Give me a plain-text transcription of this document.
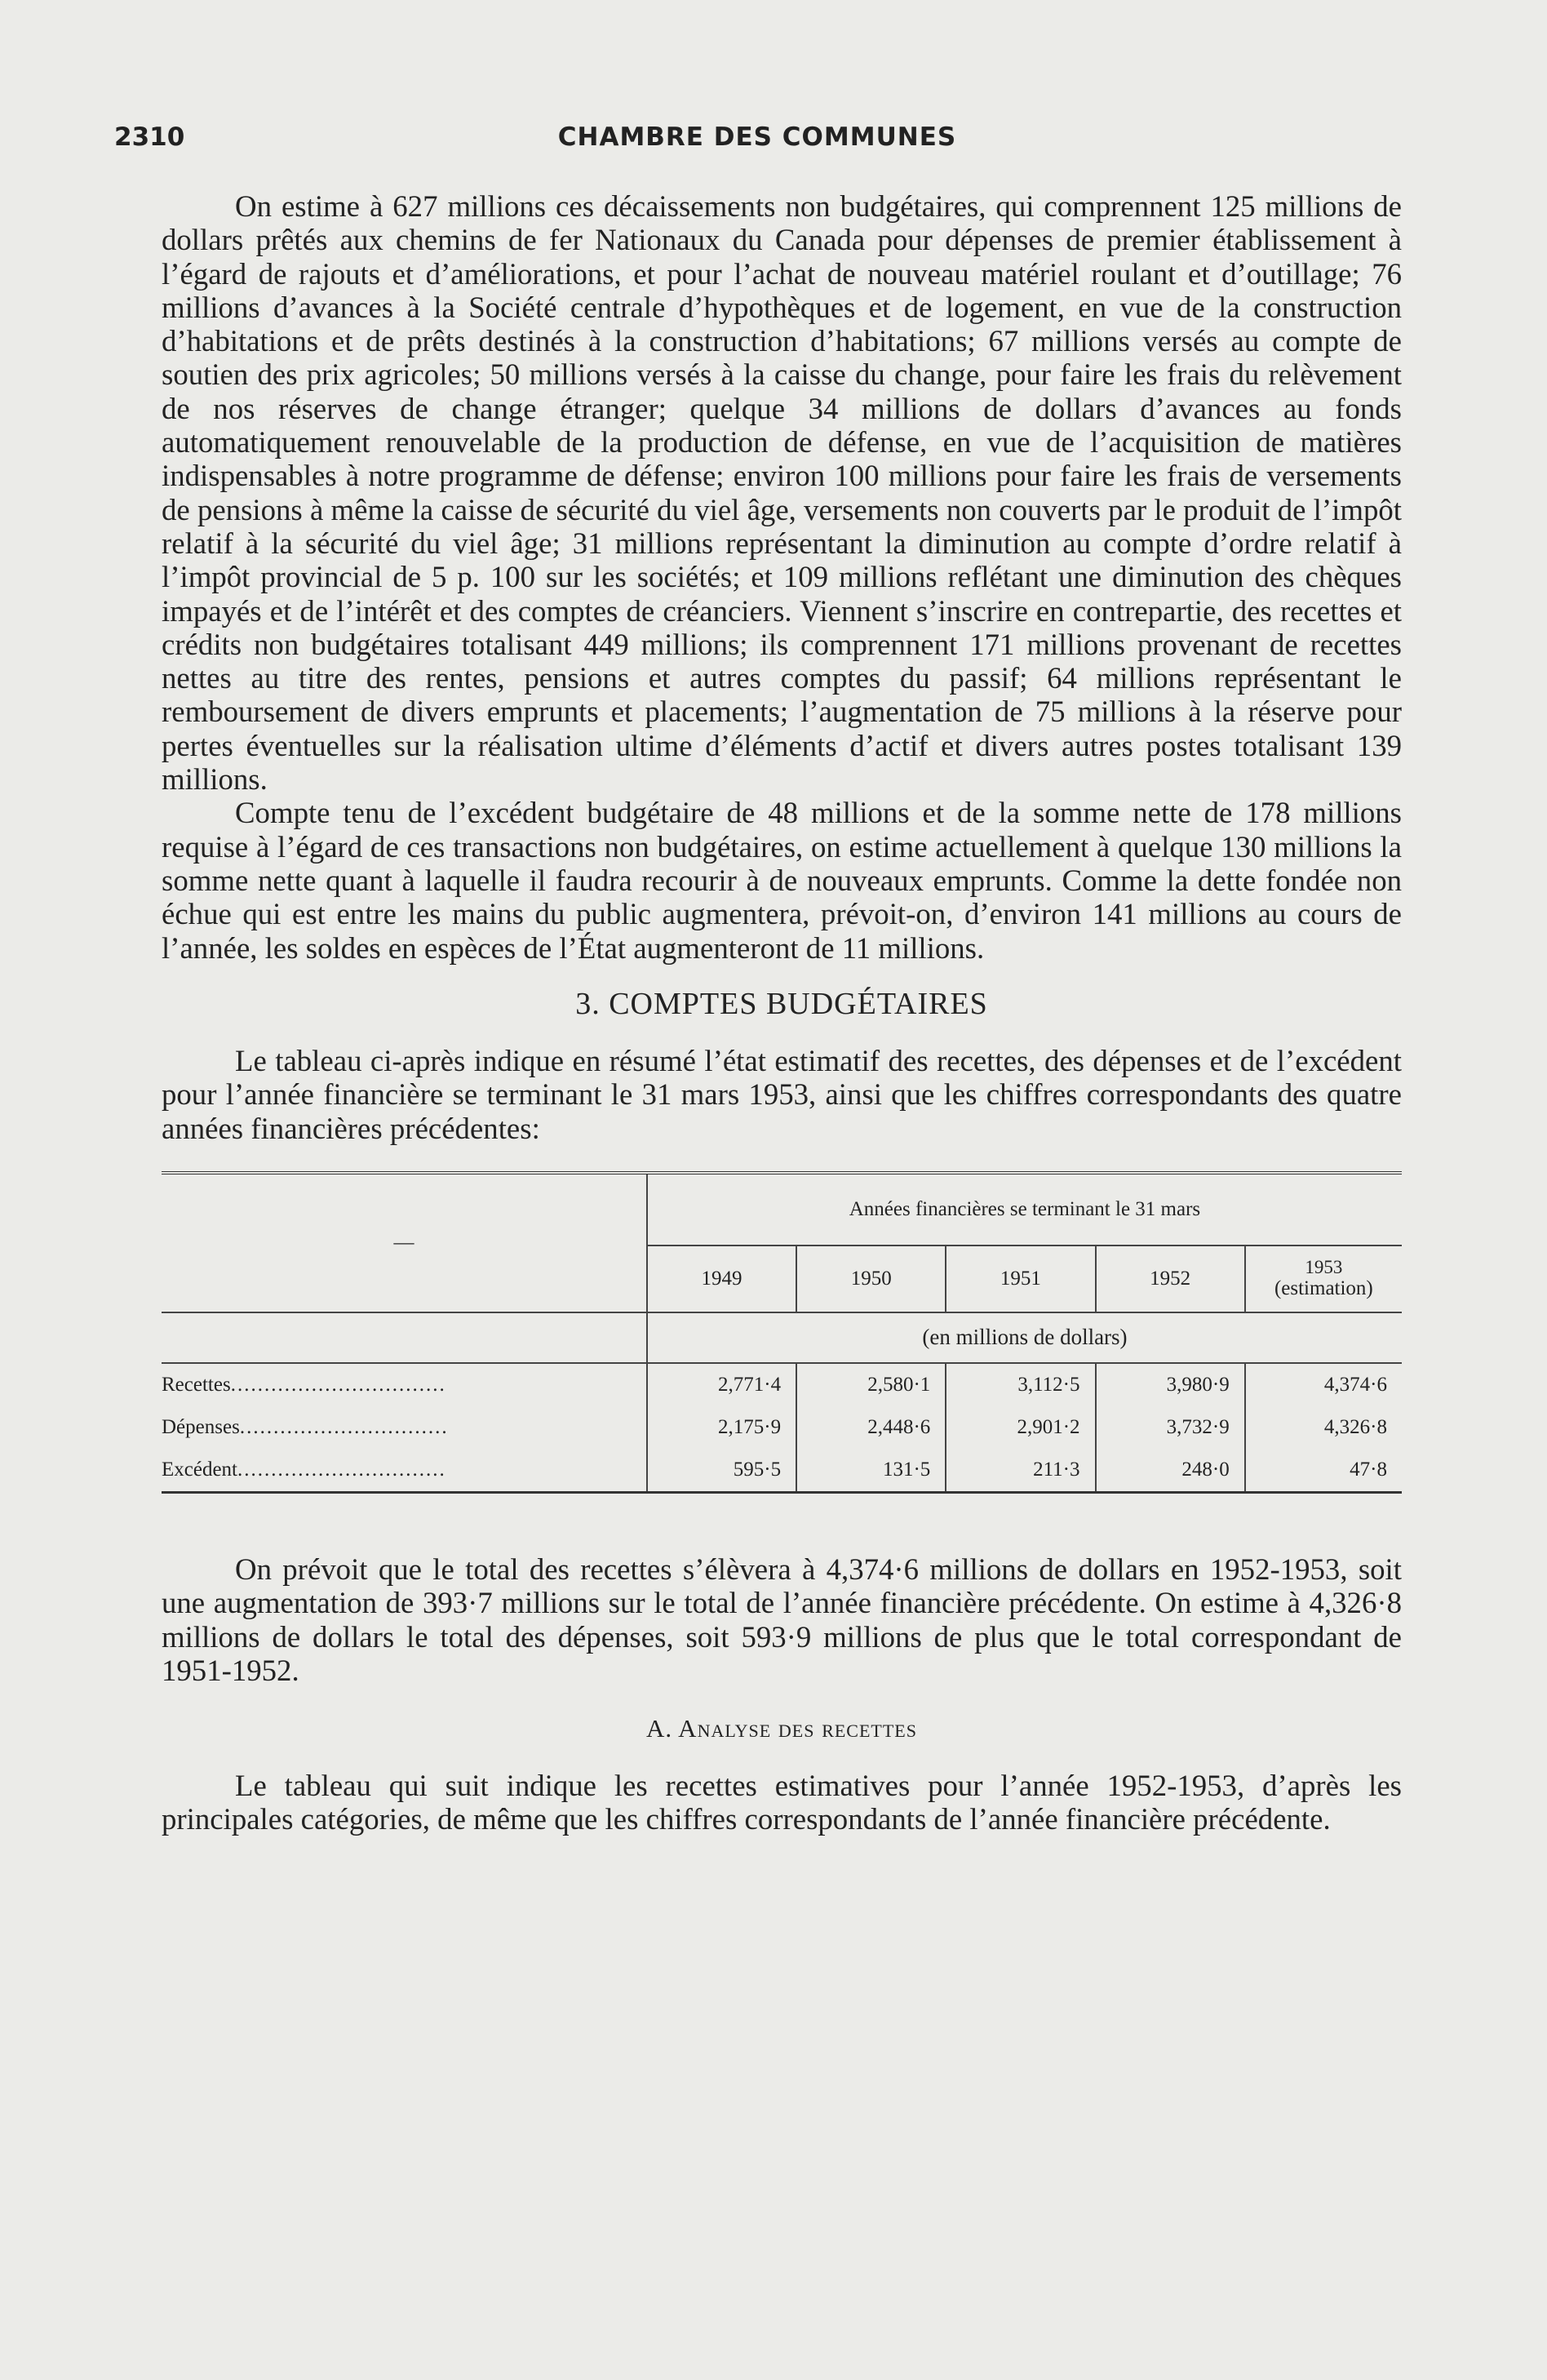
2310	CHAMBRE DES COMMUNES

On estime à 627 millions ces décaissements non budgétaires, qui comprennent 125 millions de dollars prêtés aux chemins de fer Nationaux du Canada pour dépenses de premier établissement à l’égard de rajouts et d’améliorations, et pour l’achat de nouveau matériel roulant et d’outillage; 76 millions d’avances à la Société centrale d’hypothèques et de logement, en vue de la construction d’habitations et de prêts destinés à la construction d’habitations; 67 millions versés au compte de soutien des prix agricoles; 50 millions versés à la caisse du change, pour faire les frais du relèvement de nos réserves de change étranger; quelque 34 millions de dollars d’avances au fonds automatiquement renouvelable de la production de défense, en vue de l’acquisition de matières indispensables à notre programme de défense; environ 100 millions pour faire les frais de versements de pensions à même la caisse de sécurité du viel âge, versements non couverts par le produit de l’impôt relatif à la sécurité du viel âge; 31 millions représentant la diminution au compte d’ordre relatif à l’impôt provincial de 5 p. 100 sur les sociétés; et 109 millions reflétant une diminution des chèques impayés et de l’intérêt et des comptes de créanciers. Viennent s’inscrire en contrepartie, des recettes et crédits non budgétaires totalisant 449 millions; ils comprennent 171 millions provenant de recettes nettes au titre des rentes, pensions et autres comptes du passif; 64 millions représentant le remboursement de divers emprunts et placements; l’augmentation de 75 millions à la réserve pour pertes éventuelles sur la réalisation ultime d’éléments d’actif et divers autres postes totalisant 139 millions.

Compte tenu de l’excédent budgétaire de 48 millions et de la somme nette de 178 millions requise à l’égard de ces transactions non budgétaires, on estime actuellement à quelque 130 millions la somme nette quant à laquelle il faudra recourir à de nouveaux emprunts. Comme la dette fondée non échue qui est entre les mains du public augmentera, prévoit-on, d’environ 141 millions au cours de l’année, les soldes en espèces de l’État augmenteront de 11 millions.

3. COMPTES BUDGÉTAIRES

Le tableau ci-après indique en résumé l’état estimatif des recettes, des dépenses et de l’excédent pour l’année financière se terminant le 31 mars 1953, ainsi que les chiffres correspondants des quatre années financières précédentes:

—	Années financières se terminant le 31 mars				
	1949	1950	1951	1952	1953
(estimation)

	(en millions de dollars)				
Recettes................................	2,771·4	2,580·1	3,112·5	3,980·9	4,374·6
Dépenses...............................	2,175·9	2,448·6	2,901·2	3,732·9	4,326·8
Excédent...............................	595·5	131·5	211·3	248·0	47·8

On prévoit que le total des recettes s’élèvera à 4,374·6 millions de dollars en 1952-1953, soit une augmentation de 393·7 millions sur le total de l’année financière précédente. On estime à 4,326·8 millions de dollars le total des dépenses, soit 593·9 millions de plus que le total correspondant de 1951-1952.

A. Analyse des recettes

Le tableau qui suit indique les recettes estimatives pour l’année 1952-1953, d’après les principales catégories, de même que les chiffres correspondants de l’année financière précédente.
